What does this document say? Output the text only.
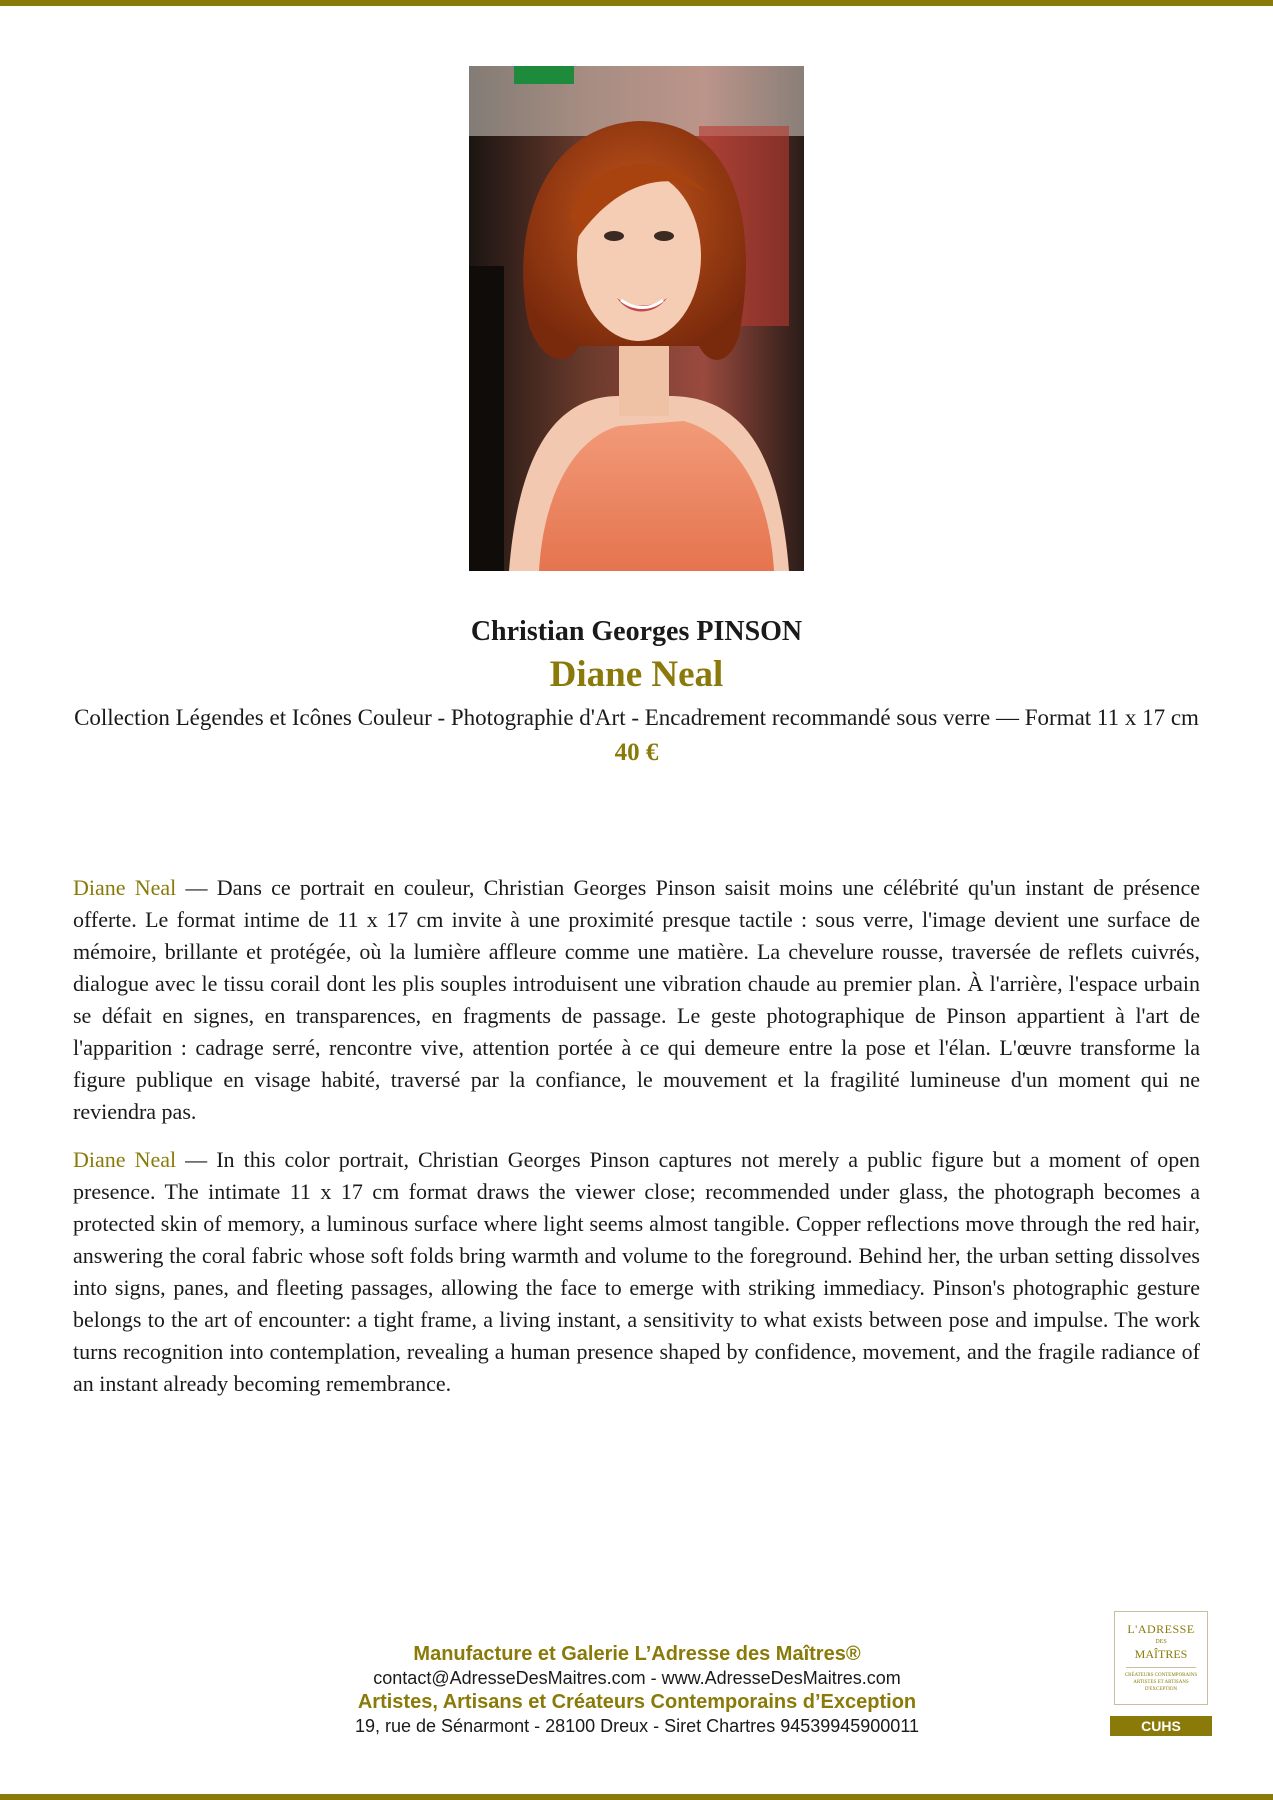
Christian Georges PINSON
Diane Neal
Collection Légendes et Icônes Couleur - Photographie d'Art - Encadrement recommandé sous verre — Format 11 x 17 cm
40 €

Diane Neal — Dans ce portrait en couleur, Christian Georges Pinson saisit moins une célébrité qu'un instant de présence offerte. Le format intime de 11 x 17 cm invite à une proximité presque tactile : sous verre, l'image devient une surface de mémoire, brillante et protégée, où la lumière affleure comme une matière. La chevelure rousse, traversée de reflets cuivrés, dialogue avec le tissu corail dont les plis souples introduisent une vibration chaude au premier plan. À l'arrière, l'espace urbain se défait en signes, en transparences, en fragments de passage. Le geste photographique de Pinson appartient à l'art de l'apparition : cadrage serré, rencontre vive, attention portée à ce qui demeure entre la pose et l'élan. L'œuvre transforme la figure publique en visage habité, traversé par la confiance, le mouvement et la fragilité lumineuse d'un moment qui ne reviendra pas.

Diane Neal — In this color portrait, Christian Georges Pinson captures not merely a public figure but a moment of open presence. The intimate 11 x 17 cm format draws the viewer close; recommended under glass, the photograph becomes a protected skin of memory, a luminous surface where light seems almost tangible. Copper reflections move through the red hair, answering the coral fabric whose soft folds bring warmth and volume to the foreground. Behind her, the urban setting dissolves into signs, panes, and fleeting passages, allowing the face to emerge with striking immediacy. Pinson's photographic gesture belongs to the art of encounter: a tight frame, a living instant, a sensitivity to what exists between pose and impulse. The work turns recognition into contemplation, revealing a human presence shaped by confidence, movement, and the fragile radiance of an instant already becoming remembrance.

Manufacture et Galerie L’Adresse des Maîtres®
contact@AdresseDesMaitres.com - www.AdresseDesMaitres.com
Artistes, Artisans et Créateurs Contemporains d’Exception
19, rue de Sénarmont - 28100 Dreux - Siret Chartres 94539945900011
L'ADRESSE
DES
MAÎTRES
CRÉATEURS CONTEMPORAINS ARTISTES ET ARTISANS D'EXCEPTION
CUHS
